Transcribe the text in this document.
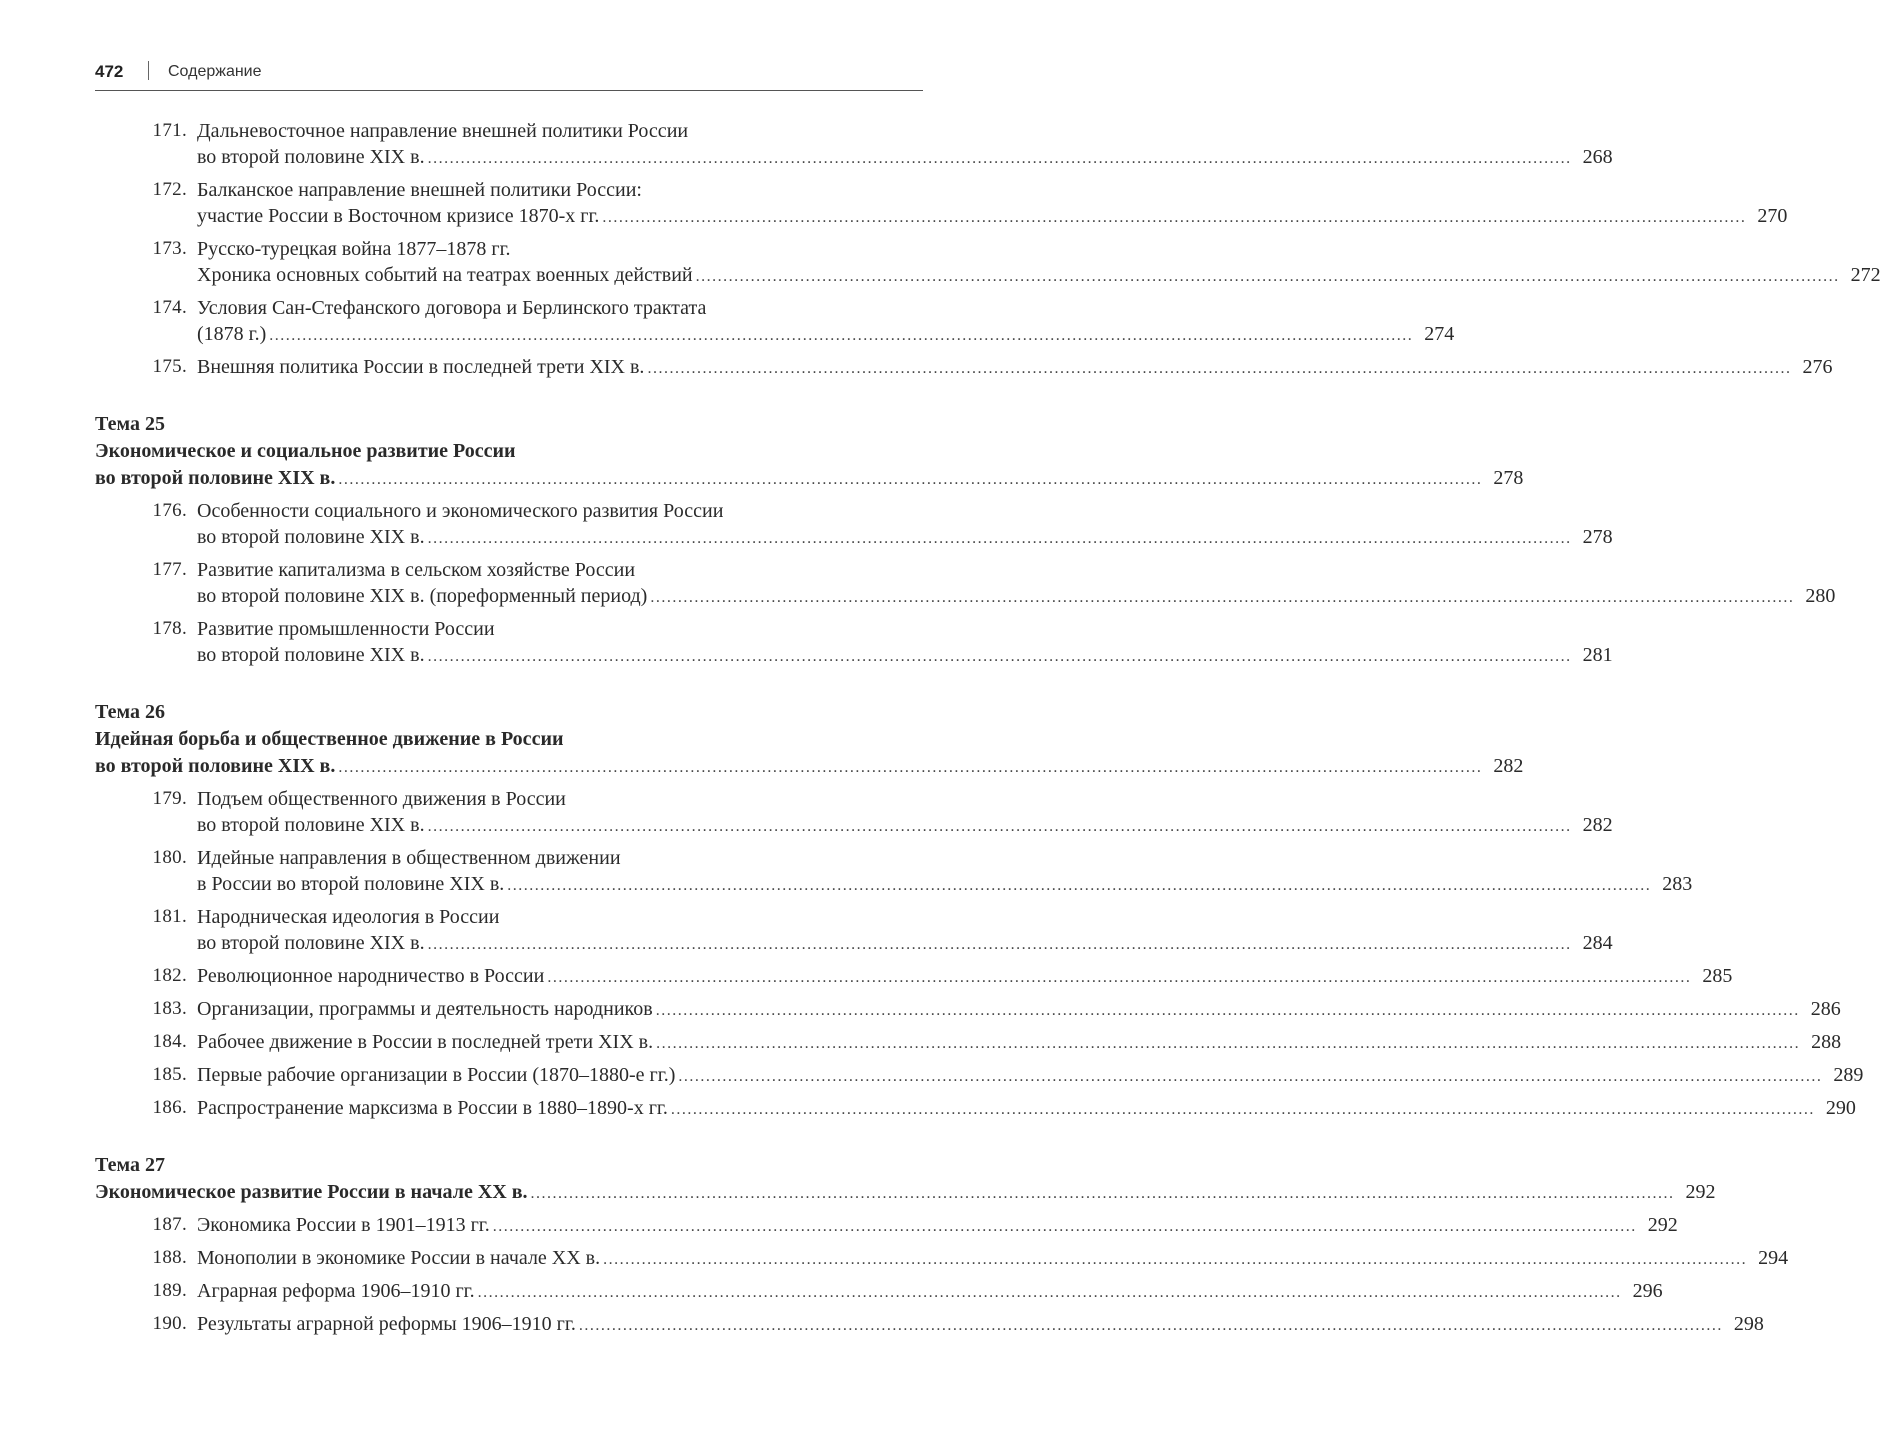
472	Содержание
171. Дальневосточное направление внешней политики России
во второй половине XIX в. .....	268
172. Балканское направление внешней политики России:
участие России в Восточном кризисе 1870-х гг. .....	270
173. Русско-турецкая война 1877–1878 гг.
Хроника основных событий на театрах военных действий .....	272
174. Условия Сан-Стефанского договора и Берлинского трактата
(1878 г.) .....	274
175. Внешняя политика России в последней трети XIX в. .....	276
Тема 25
Экономическое и социальное развитие России
во второй половине XIX в. .....	278
176. Особенности социального и экономического развития России
во второй половине XIX в. .....	278
177. Развитие капитализма в сельском хозяйстве России
во второй половине XIX в. (пореформенный период) .....	280
178. Развитие промышленности России
во второй половине XIX в. .....	281
Тема 26
Идейная борьба и общественное движение в России
во второй половине XIX в. .....	282
179. Подъем общественного движения в России
во второй половине XIX в. .....	282
180. Идейные направления в общественном движении
в России во второй половине XIX в. .....	283
181. Народническая идеология в России
во второй половине XIX в. .....	284
182. Революционное народничество в России .....	285
183. Организации, программы и деятельность народников .....	286
184. Рабочее движение в России в последней трети XIX в. .....	288
185. Первые рабочие организации в России (1870–1880-е гг.) .....	289
186. Распространение марксизма в России в 1880–1890-х гг. .....	290
Тема 27
Экономическое развитие России в начале XX в. .....	292
187. Экономика России в 1901–1913 гг. .....	292
188. Монополии в экономике России в начале XX в. .....	294
189. Аграрная реформа 1906–1910 гг. .....	296
190. Результаты аграрной реформы 1906–1910 гг. .....	298
